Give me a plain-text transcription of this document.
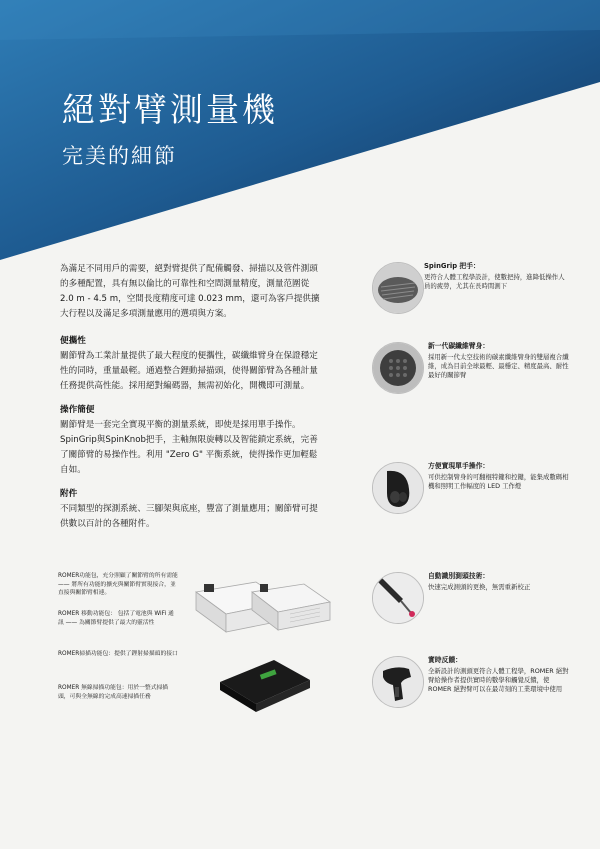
絕對臂測量機
完美的細節

為滿足不同用戶的需要，絕對臂提供了配備觸發、掃描以及管件測頭的多種配置，具有無以倫比的可靠性和空間測量精度，測量范圍從 2.0 m - 4.5 m，空間長度精度可達 0.023 mm，還可為客戶提供擴大行程以及滿足多項測量應用的選項與方案。

便攜性

關節臂為工業計量提供了最大程度的便攜性，碳纖維臂身在保證穩定性的同時，重量最輕。通過整合鋰動掃描頭，使得關節臂為各種計量任務提供高性能。採用絕對編碼器，無需初始化，開機即可測量。

操作簡便

關節臂是一套完全實現平衡的測量系統，即使是採用單手操作。SpinGrip與SpinKnob把手，主軸無限旋轉以及智能鎖定系統，完善了關節臂的易操作性。利用 "Zero G" 平衡系統，使得操作更加輕鬆自如。

附件

不同類型的探測系統、三腳架與底座，豐富了測量應用；關節臂可提供數以百計的各種附件。

SpinGrip 把手：

更符合人體工程學設計，使數把持，進降低操作人員的疲勞，尤其在長時間測下

新一代碳纖維臂身：

採用新一代太空技術的碳素纖維臂身的雙層複合纖維，成為目前全球最輕、最穩定、精度最高、耐性最好的關節臂

方便實現單手操作：

可供控制臂身的可翻棍特鍵和控鍵，能集成數碼相機和照明工作幅度的 LED 工作燈

自動識別測頭技術：

快速完成測頭的更換，無需重新校正

實時反饋：

全新設計的測頭更符合人體工程學，ROMER 絕對臂給操作者提供實時的數學和觸覺反饋，使 ROMER 絕對臂可以在最苛刻的工業環境中使用

ROMER功能包，充分照顧了關節臂的所有需能 —— 將所有功能的擴充與關節臂實現接合，並直接與關節臂相連。

ROMER 移動功能包： 包括了電池與 WiFi 通訊 —— 為關節臂提供了最大的靈活性

ROMER掃描功能包：提供了鋰射掃描頭的接口

ROMER 無線掃描功能包：用於一整式掃描頭，可與全無線的完成高速掃描任務
